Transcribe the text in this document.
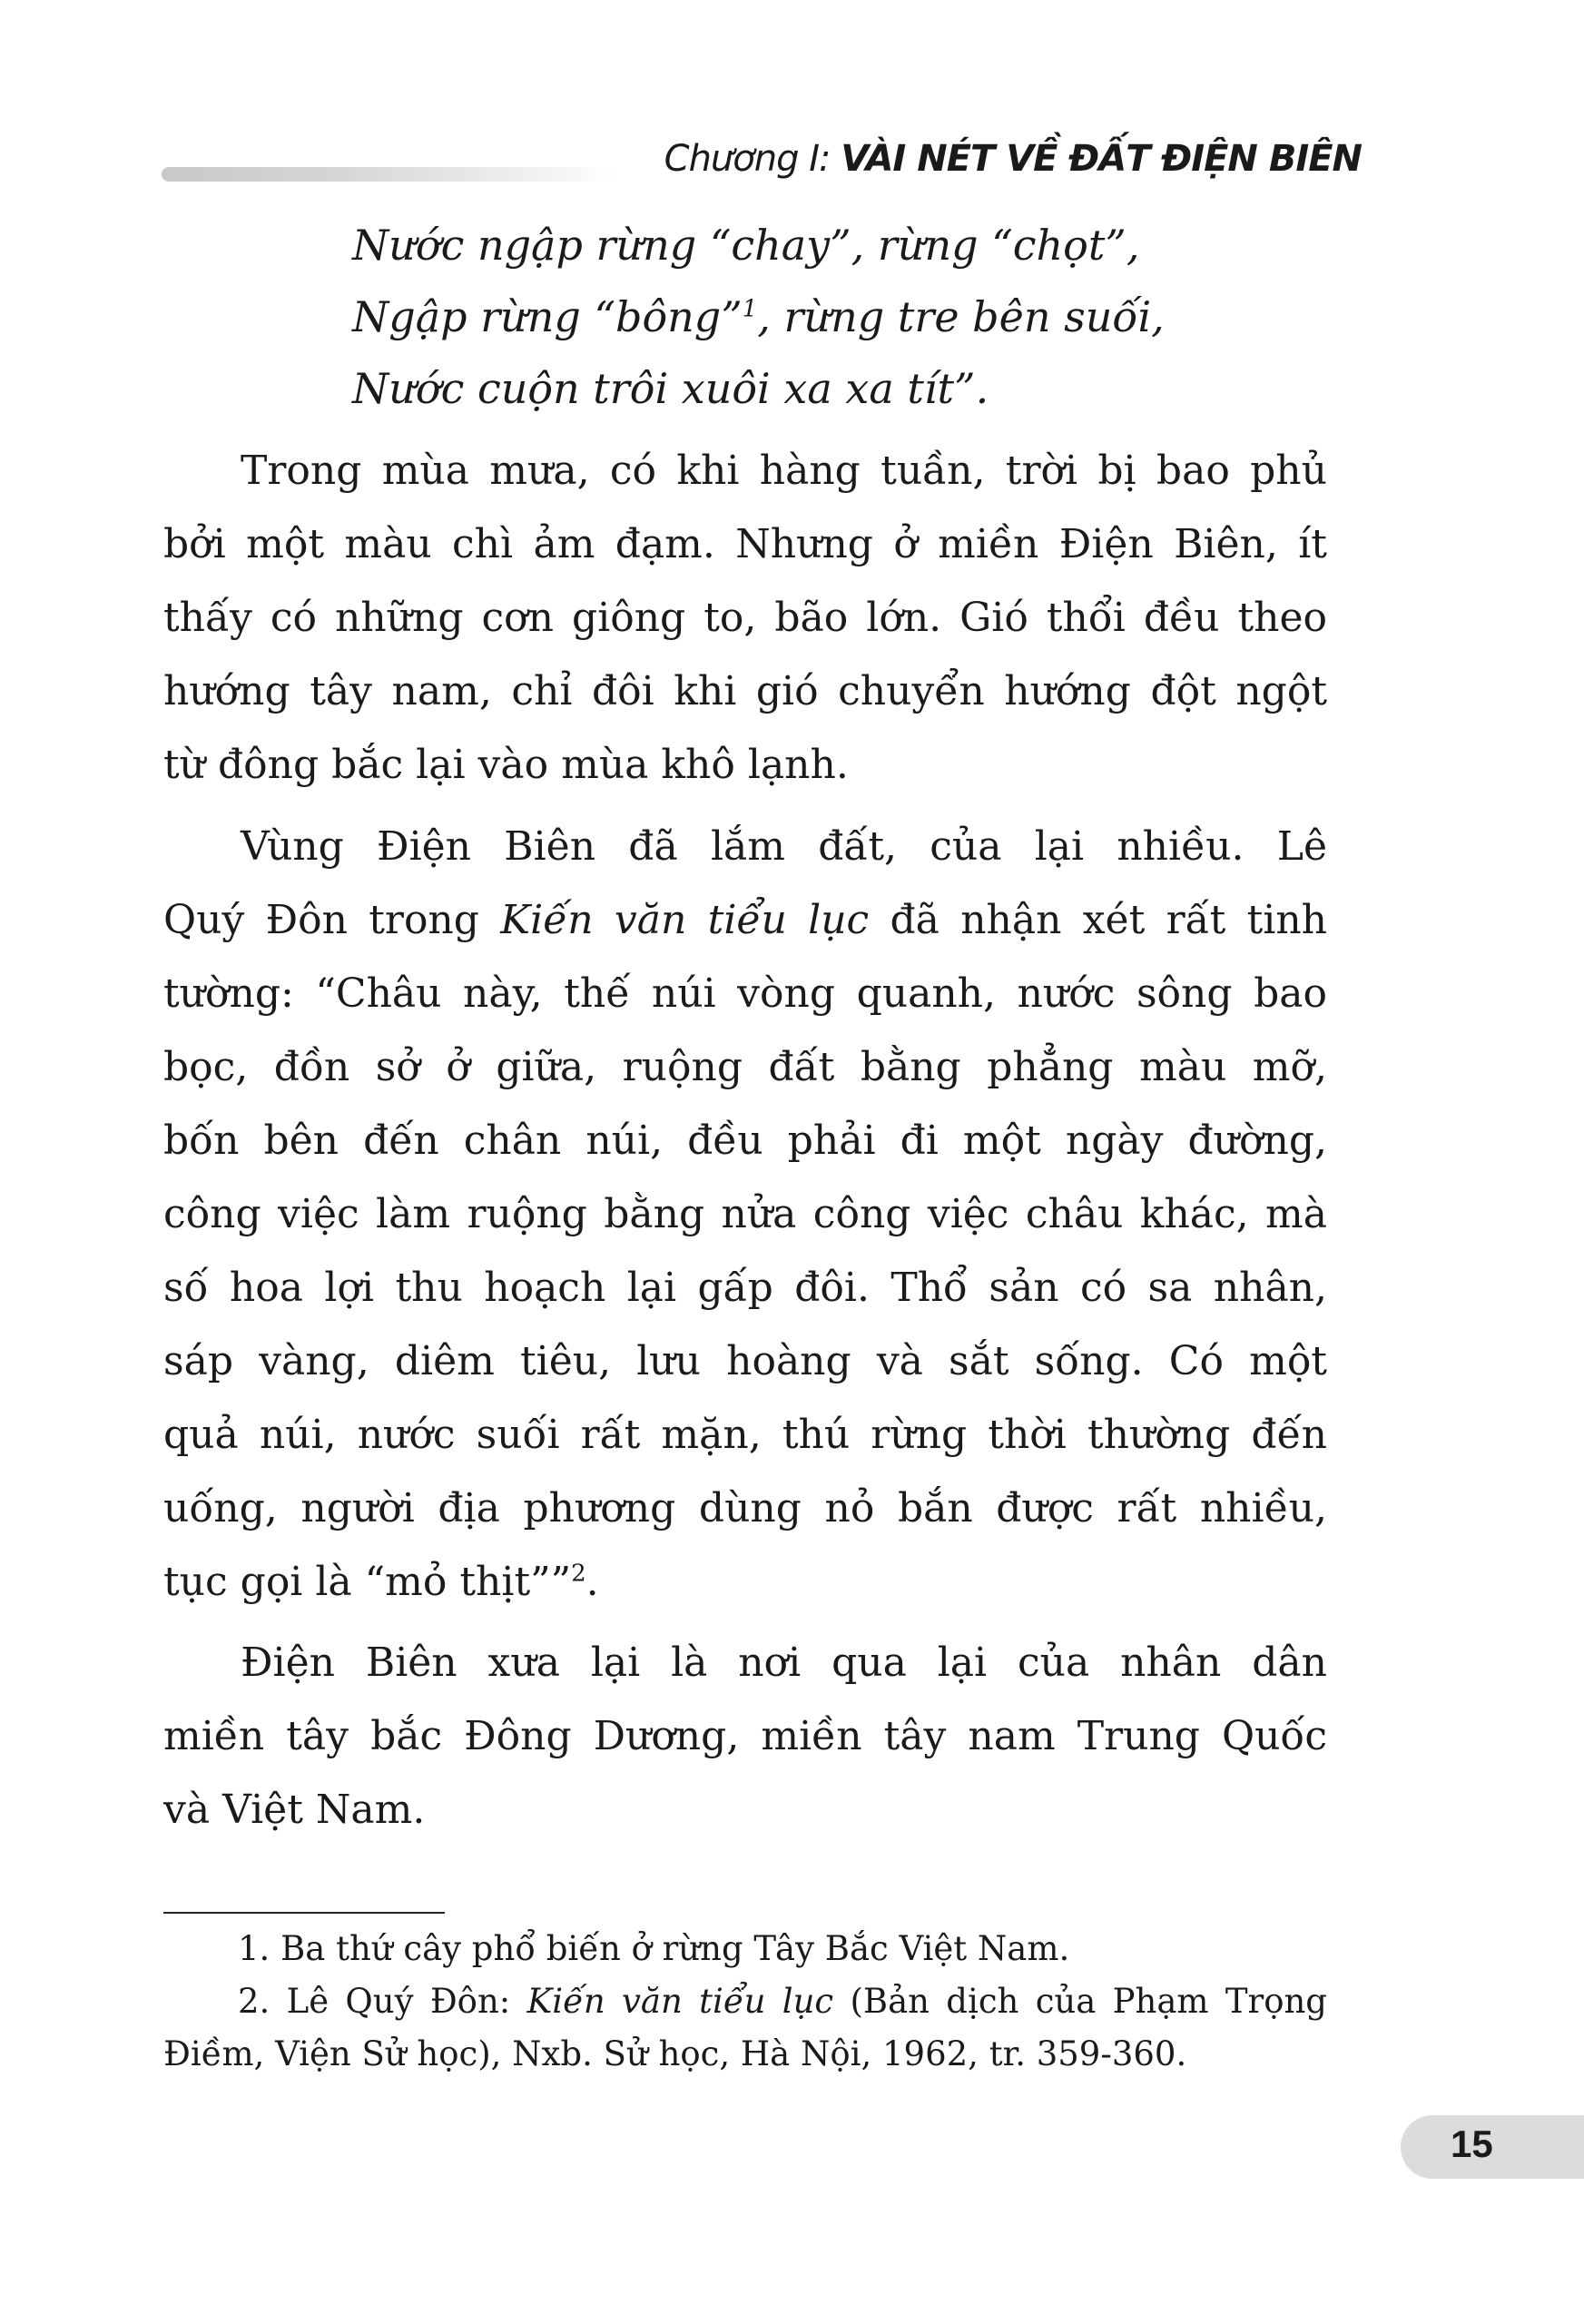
Chương I: VÀI NÉT VỀ ĐẤT ĐIỆN BIÊN
Nước ngập rừng “chay”, rừng “chọt”,
Ngập rừng “bông”$^1$, rừng tre bên suối,
Nước cuộn trôi xuôi xa xa tít”.
Trong mùa mưa, có khi hàng tuần, trời bị bao phủ
bởi một màu chì ảm đạm. Nhưng ở miền Điện Biên, ít
thấy có những cơn giông to, bão lớn. Gió thổi đều theo
hướng tây nam, chỉ đôi khi gió chuyển hướng đột ngột
từ đông bắc lại vào mùa khô lạnh.
Vùng Điện Biên đã lắm đất, của lại nhiều. Lê
Quý Đôn trong Kiến văn tiểu lục đã nhận xét rất tinh
tường: “Châu này, thế núi vòng quanh, nước sông bao
bọc, đồn sở ở giữa, ruộng đất bằng phẳng màu mỡ,
bốn bên đến chân núi, đều phải đi một ngày đường,
công việc làm ruộng bằng nửa công việc châu khác, mà
số hoa lợi thu hoạch lại gấp đôi. Thổ sản có sa nhân,
sáp vàng, diêm tiêu, lưu hoàng và sắt sống. Có một
quả núi, nước suối rất mặn, thú rừng thời thường đến
uống, người địa phương dùng nỏ bắn được rất nhiều,
tục gọi là “mỏ thịt””$^2$.
Điện Biên xưa lại là nơi qua lại của nhân dân
miền tây bắc Đông Dương, miền tây nam Trung Quốc
và Việt Nam.
1. Ba thứ cây phổ biến ở rừng Tây Bắc Việt Nam.
2. Lê Quý Đôn: Kiến văn tiểu lục (Bản dịch của Phạm Trọng
Điềm, Viện Sử học), Nxb. Sử học, Hà Nội, 1962, tr. 359-360.
15
